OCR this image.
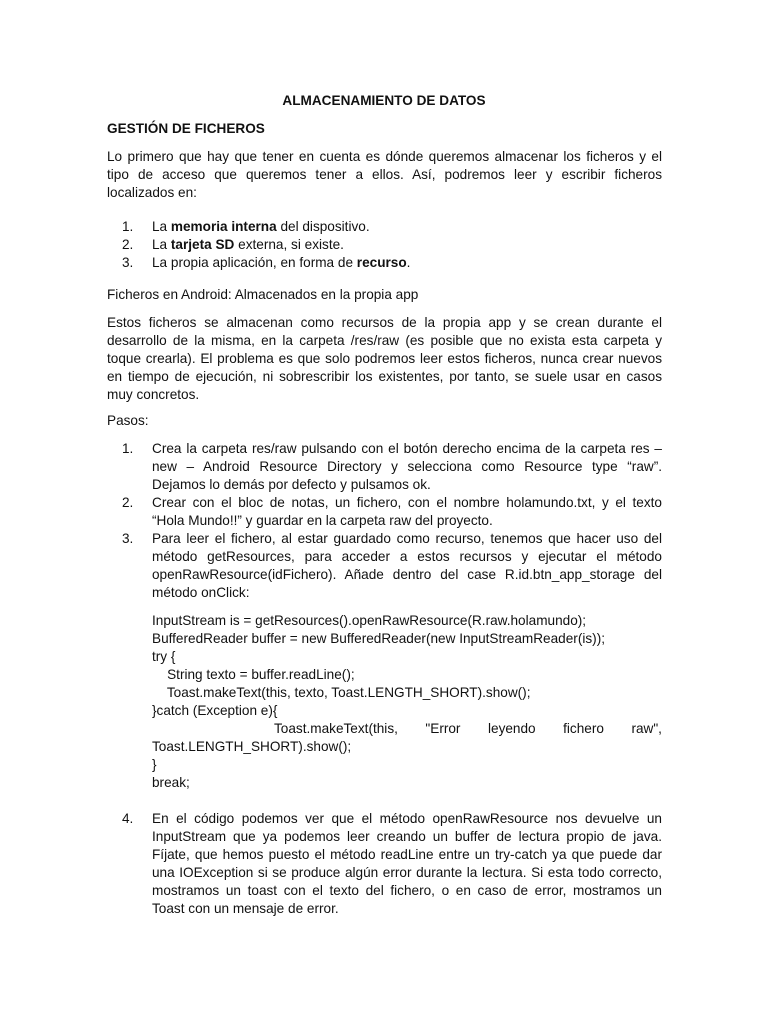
ALMACENAMIENTO DE DATOS
GESTIÓN DE FICHEROS
Lo primero que hay que tener en cuenta es dónde queremos almacenar los ficheros y el
tipo de acceso que queremos tener a ellos. Así, podremos leer y escribir ficheros
localizados en:
1. La memoria interna del dispositivo.
2. La tarjeta SD externa, si existe.
3. La propia aplicación, en forma de recurso.
Ficheros en Android: Almacenados en la propia app
Estos ficheros se almacenan como recursos de la propia app y se crean durante el
desarrollo de la misma, en la carpeta /res/raw (es posible que no exista esta carpeta y
toque crearla). El problema es que solo podremos leer estos ficheros, nunca crear nuevos
en tiempo de ejecución, ni sobrescribir los existentes, por tanto, se suele usar en casos
muy concretos.
Pasos:
1. Crea la carpeta res/raw pulsando con el botón derecho encima de la carpeta res –
new – Android Resource Directory y selecciona como Resource type “raw”.
Dejamos lo demás por defecto y pulsamos ok.
2. Crear con el bloc de notas, un fichero, con el nombre holamundo.txt, y el texto
“Hola Mundo!!” y guardar en la carpeta raw del proyecto.
3. Para leer el fichero, al estar guardado como recurso, tenemos que hacer uso del
método getResources, para acceder a estos recursos y ejecutar el método
openRawResource(idFichero). Añade dentro del case R.id.btn_app_storage del
método onClick:
InputStream is = getResources().openRawResource(R.raw.holamundo);
BufferedReader buffer = new BufferedReader(new InputStreamReader(is));
try {
String texto = buffer.readLine();
Toast.makeText(this, texto, Toast.LENGTH_SHORT).show();
}catch (Exception e){
Toast.makeText(this, "Error leyendo fichero raw",
Toast.LENGTH_SHORT).show();
}
break;
4. En el código podemos ver que el método openRawResource nos devuelve un
InputStream que ya podemos leer creando un buffer de lectura propio de java.
Fíjate, que hemos puesto el método readLine entre un try-catch ya que puede dar
una IOException si se produce algún error durante la lectura. Si esta todo correcto,
mostramos un toast con el texto del fichero, o en caso de error, mostramos un
Toast con un mensaje de error.
